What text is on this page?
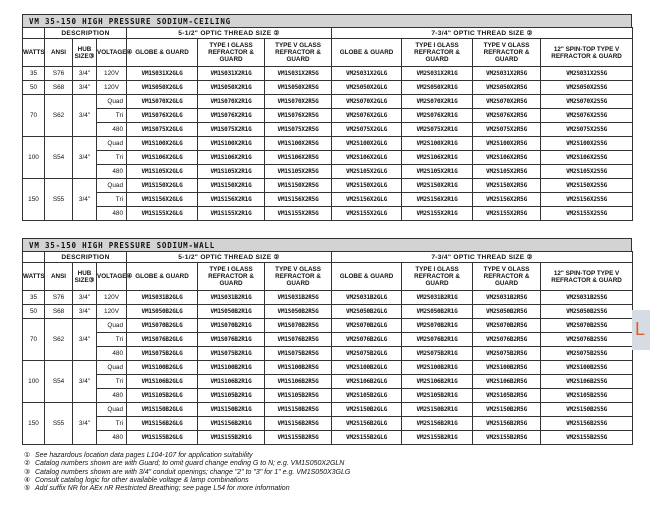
VM 35-150 HIGH PRESSURE SODIUM-CEILING
	DESCRIPTION			5-1/2" OPTIC THREAD SIZE ②			7-3/4" OPTIC THREAD SIZE ②			
WATTS	ANSI	HUB SIZE③	VOLTAGE④	GLOBE & GUARD	TYPE I GLASS REFRACTOR & GUARD	TYPE V GLASS REFRACTOR & GUARD	GLOBE & GUARD	TYPE I GLASS REFRACTOR & GUARD	TYPE V GLASS REFRACTOR & GUARD	12" SPIN-TOP TYPE V REFRACTOR & GUARD
35	S76	3/4"	120V	VM1S031X2GLG	VM1S031X2R1G	VM1S031X2R5G	VM2S031X2GLG	VM2S031X2R1G	VM2S031X2R5G	VM2S031X2S5G
50	S68	3/4"	120V	VM1S050X2GLG	VM1S050X2R1G	VM1S050X2R5G	VM2S050X2GLG	VM2S050X2R1G	VM2S050X2R5G	VM2S050X2S5G
70	S62	3/4"	Quad	VM1S070X2GLG	VM1S070X2R1G	VM1S070X2R5G	VM2S070X2GLG	VM2S070X2R1G	VM2S070X2R5G	VM2S070X2S5G
			Tri	VM1S076X2GLG	VM1S076X2R1G	VM1S076X2R5G	VM2S076X2GLG	VM2S076X2R1G	VM2S076X2R5G	VM2S076X2S5G
			480	VM1S075X2GLG	VM1S075X2R1G	VM1S075X2R5G	VM2S075X2GLG	VM2S075X2R1G	VM2S075X2R5G	VM2S075X2S5G
100	S54	3/4"	Quad	VM1S100X2GLG	VM1S100X2R1G	VM1S100X2R5G	VM2S100X2GLG	VM2S100X2R1G	VM2S100X2R5G	VM2S100X2S5G
			Tri	VM1S106X2GLG	VM1S106X2R1G	VM1S106X2R5G	VM2S106X2GLG	VM2S106X2R1G	VM2S106X2R5G	VM2S106X2S5G
			480	VM1S105X2GLG	VM1S105X2R1G	VM1S105X2R5G	VM2S105X2GLG	VM2S105X2R1G	VM2S105X2R5G	VM2S105X2S5G
150	S55	3/4"	Quad	VM1S150X2GLG	VM1S150X2R1G	VM1S150X2R5G	VM2S150X2GLG	VM2S150X2R1G	VM2S150X2R5G	VM2S150X2S5G
			Tri	VM1S156X2GLG	VM1S156X2R1G	VM1S156X2R5G	VM2S156X2GLG	VM2S156X2R1G	VM2S156X2R5G	VM2S156X2S5G
			480	VM1S155X2GLG	VM1S155X2R1G	VM1S155X2R5G	VM2S155X2GLG	VM2S155X2R1G	VM2S155X2R5G	VM2S155X2S5G
VM 35-150 HIGH PRESSURE SODIUM-WALL
	DESCRIPTION			5-1/2" OPTIC THREAD SIZE ②			7-3/4" OPTIC THREAD SIZE ②			
WATTS	ANSI	HUB SIZE③	VOLTAGE④	GLOBE & GUARD	TYPE I GLASS REFRACTOR & GUARD	TYPE V GLASS REFRACTOR & GUARD	GLOBE & GUARD	TYPE I GLASS REFRACTOR & GUARD	TYPE V GLASS REFRACTOR & GUARD	12" SPIN-TOP TYPE V REFRACTOR & GUARD
35	S76	3/4"	120V	VM1S031B2GLG	VM1S031B2R1G	VM1S031B2R5G	VM2S031B2GLG	VM2S031B2R1G	VM2S031B2R5G	VM2S031B2S5G
50	S68	3/4"	120V	VM1S050B2GLG	VM1S050B2R1G	VM1S050B2R5G	VM2S050B2GLG	VM2S050B2R1G	VM2S050B2R5G	VM2S050B2S5G
70	S62	3/4"	Quad	VM1S070B2GLG	VM1S070B2R1G	VM1S070B2R5G	VM2S070B2GLG	VM2S070B2R1G	VM2S070B2R5G	VM2S070B2S5G
			Tri	VM1S076B2GLG	VM1S076B2R1G	VM1S076B2R5G	VM2S076B2GLG	VM2S076B2R1G	VM2S076B2R5G	VM2S076B2S5G
			480	VM1S075B2GLG	VM1S075B2R1G	VM1S075B2R5G	VM2S075B2GLG	VM2S075B2R1G	VM2S075B2R5G	VM2S075B2S5G
100	S54	3/4"	Quad	VM1S100B2GLG	VM1S100B2R1G	VM1S100B2R5G	VM2S100B2GLG	VM2S100B2R1G	VM2S100B2R5G	VM2S100B2S5G
			Tri	VM1S106B2GLG	VM1S106B2R1G	VM1S106B2R5G	VM2S106B2GLG	VM2S106B2R1G	VM2S106B2R5G	VM2S106B2S5G
			480	VM1S105B2GLG	VM1S105B2R1G	VM1S105B2R5G	VM2S105B2GLG	VM2S105B2R1G	VM2S105B2R5G	VM2S105B2S5G
150	S55	3/4"	Quad	VM1S150B2GLG	VM1S150B2R1G	VM1S150B2R5G	VM2S150B2GLG	VM2S150B2R1G	VM2S150B2R5G	VM2S150B2S5G
			Tri	VM1S156B2GLG	VM1S156B2R1G	VM1S156B2R5G	VM2S156B2GLG	VM2S156B2R1G	VM2S156B2R5G	VM2S156B2S5G
			480	VM1S155B2GLG	VM1S155B2R1G	VM1S155B2R5G	VM2S155B2GLG	VM2S155B2R1G	VM2S155B2R5G	VM2S155B2S5G
① See hazardous location data pages L104-107 for application suitability
② Catalog numbers shown are with Guard; to omit guard change ending G to N; e.g. VM1S050X2GLN
③ Catalog numbers shown are with 3/4" conduit openings; change "2" to "3" for 1" e.g. VM1S050X3GLG
④ Consult catalog logic for other available voltage & lamp combinations
⑤ Add suffix NR for AEx nR Restricted Breathing; see page L54 for more information
L
